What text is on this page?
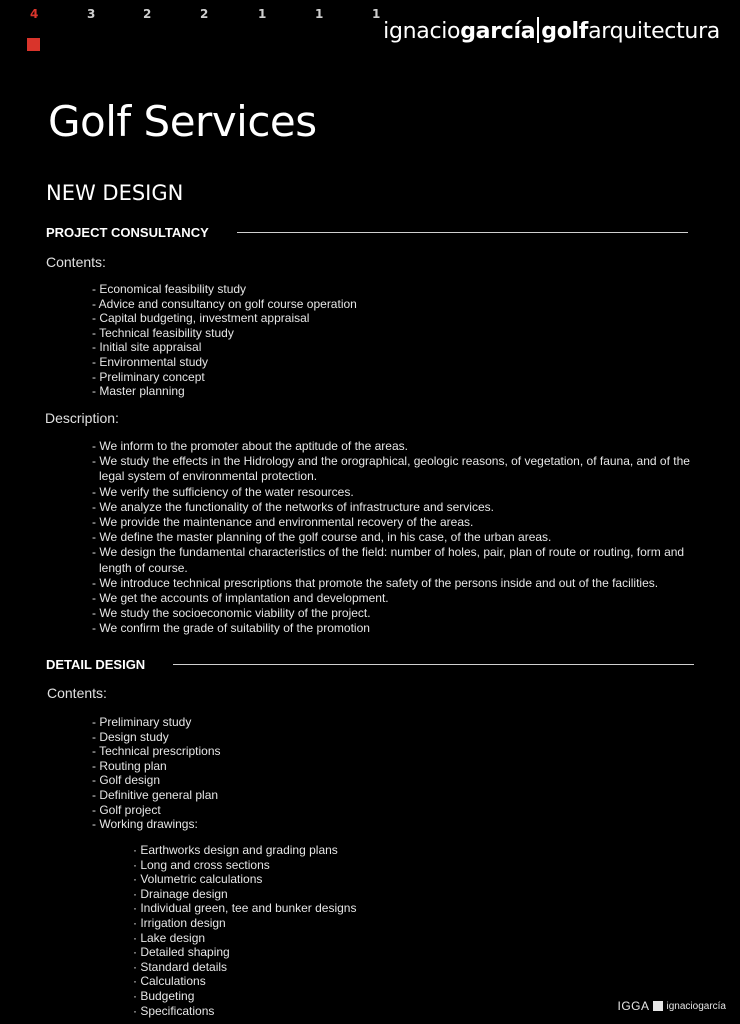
4	3	2	2	1	1	1
ignaciogarcía golfarquitectura
Golf Services
NEW DESIGN
PROJECT CONSULTANCY
Contents:
- Economical feasibility study
- Advice and consultancy on golf course operation
- Capital budgeting, investment appraisal
- Technical feasibility study
- Initial site appraisal
- Environmental study
- Preliminary concept
- Master planning
Description:
- We inform to the promoter about the aptitude of the areas.
- We study the effects in the Hidrology and the orographical, geologic reasons, of vegetation, of fauna, and of the legal system of environmental protection.
- We verify the sufficiency of the water resources.
- We analyze the functionality of the networks of infrastructure and services.
- We provide the maintenance and environmental recovery of the areas.
- We define the master planning of the golf course and, in his case, of the urban areas.
- We design the fundamental characteristics of the field: number of holes, pair, plan of route or routing, form and length of course.
- We introduce technical prescriptions that promote the safety of the persons inside and out of the facilities.
- We get the accounts of implantation and development.
- We study the socioeconomic viability of the project.
- We confirm the grade of suitability of the promotion
DETAIL DESIGN
Contents:
- Preliminary study
- Design study
- Technical prescriptions
- Routing plan
- Golf design
- Definitive general plan
- Golf project
- Working drawings:
· Earthworks design and grading plans
· Long and cross sections
· Volumetric calculations
· Drainage design
· Individual green, tee and bunker designs
· Irrigation design
· Lake design
· Detailed shaping
· Standard details
· Calculations
· Budgeting
· Specifications	IGGA ignaciogarcía
